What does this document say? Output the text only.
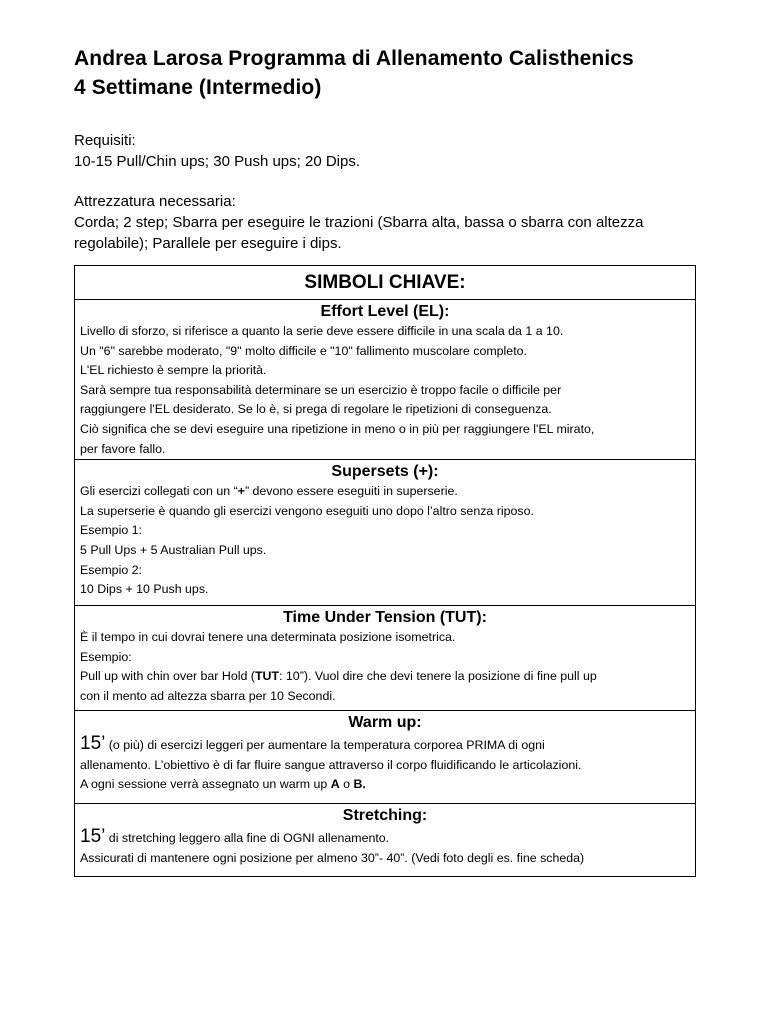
Andrea Larosa Programma di Allenamento Calisthenics
4 Settimane (Intermedio)
Requisiti:
10-15 Pull/Chin ups; 30 Push ups; 20 Dips.
Attrezzatura necessaria:
Corda; 2 step; Sbarra per eseguire le trazioni (Sbarra alta, bassa o sbarra con altezza
regolabile); Parallele per eseguire i dips.
SIMBOLI CHIAVE:

Effort Level (EL):

Livello di sforzo, si riferisce a quanto la serie deve essere difficile in una scala da 1 a 10.

Un "6" sarebbe moderato, "9" molto difficile e "10" fallimento muscolare completo.

L'EL richiesto è sempre la priorità.

Sarà sempre tua responsabilità determinare se un esercizio è troppo facile o difficile per

raggiungere l'EL desiderato. Se lo è, si prega di regolare le ripetizioni di conseguenza.

Ciò significa che se devi eseguire una ripetizione in meno o in più per raggiungere l'EL mirato,

per favore fallo.

Supersets (+):

Gli esercizi collegati con un “+” devono essere eseguiti in superserie.

La superserie è quando gli esercizi vengono eseguiti uno dopo l’altro senza riposo.

Esempio 1:

5 Pull Ups + 5 Australian Pull ups.

Esempio 2:

10 Dips + 10 Push ups.

Time Under Tension (TUT):

È il tempo in cui dovrai tenere una determinata posizione isometrica.

Esempio:

Pull up with chin over bar Hold (TUT: 10”). Vuol dire che devi tenere la posizione di fine pull up

con il mento ad altezza sbarra per 10 Secondi.

Warm up:

15’ (o più) di esercizi leggeri per aumentare la temperatura corporea PRIMA di ogni

allenamento. L’obiettivo è di far fluire sangue attraverso il corpo fluidificando le articolazioni.

A ogni sessione verrà assegnato un warm up A o B.

Stretching:

15’ di stretching leggero alla fine di OGNI allenamento.

Assicurati di mantenere ogni posizione per almeno 30”- 40”. (Vedi foto degli es. fine scheda)
